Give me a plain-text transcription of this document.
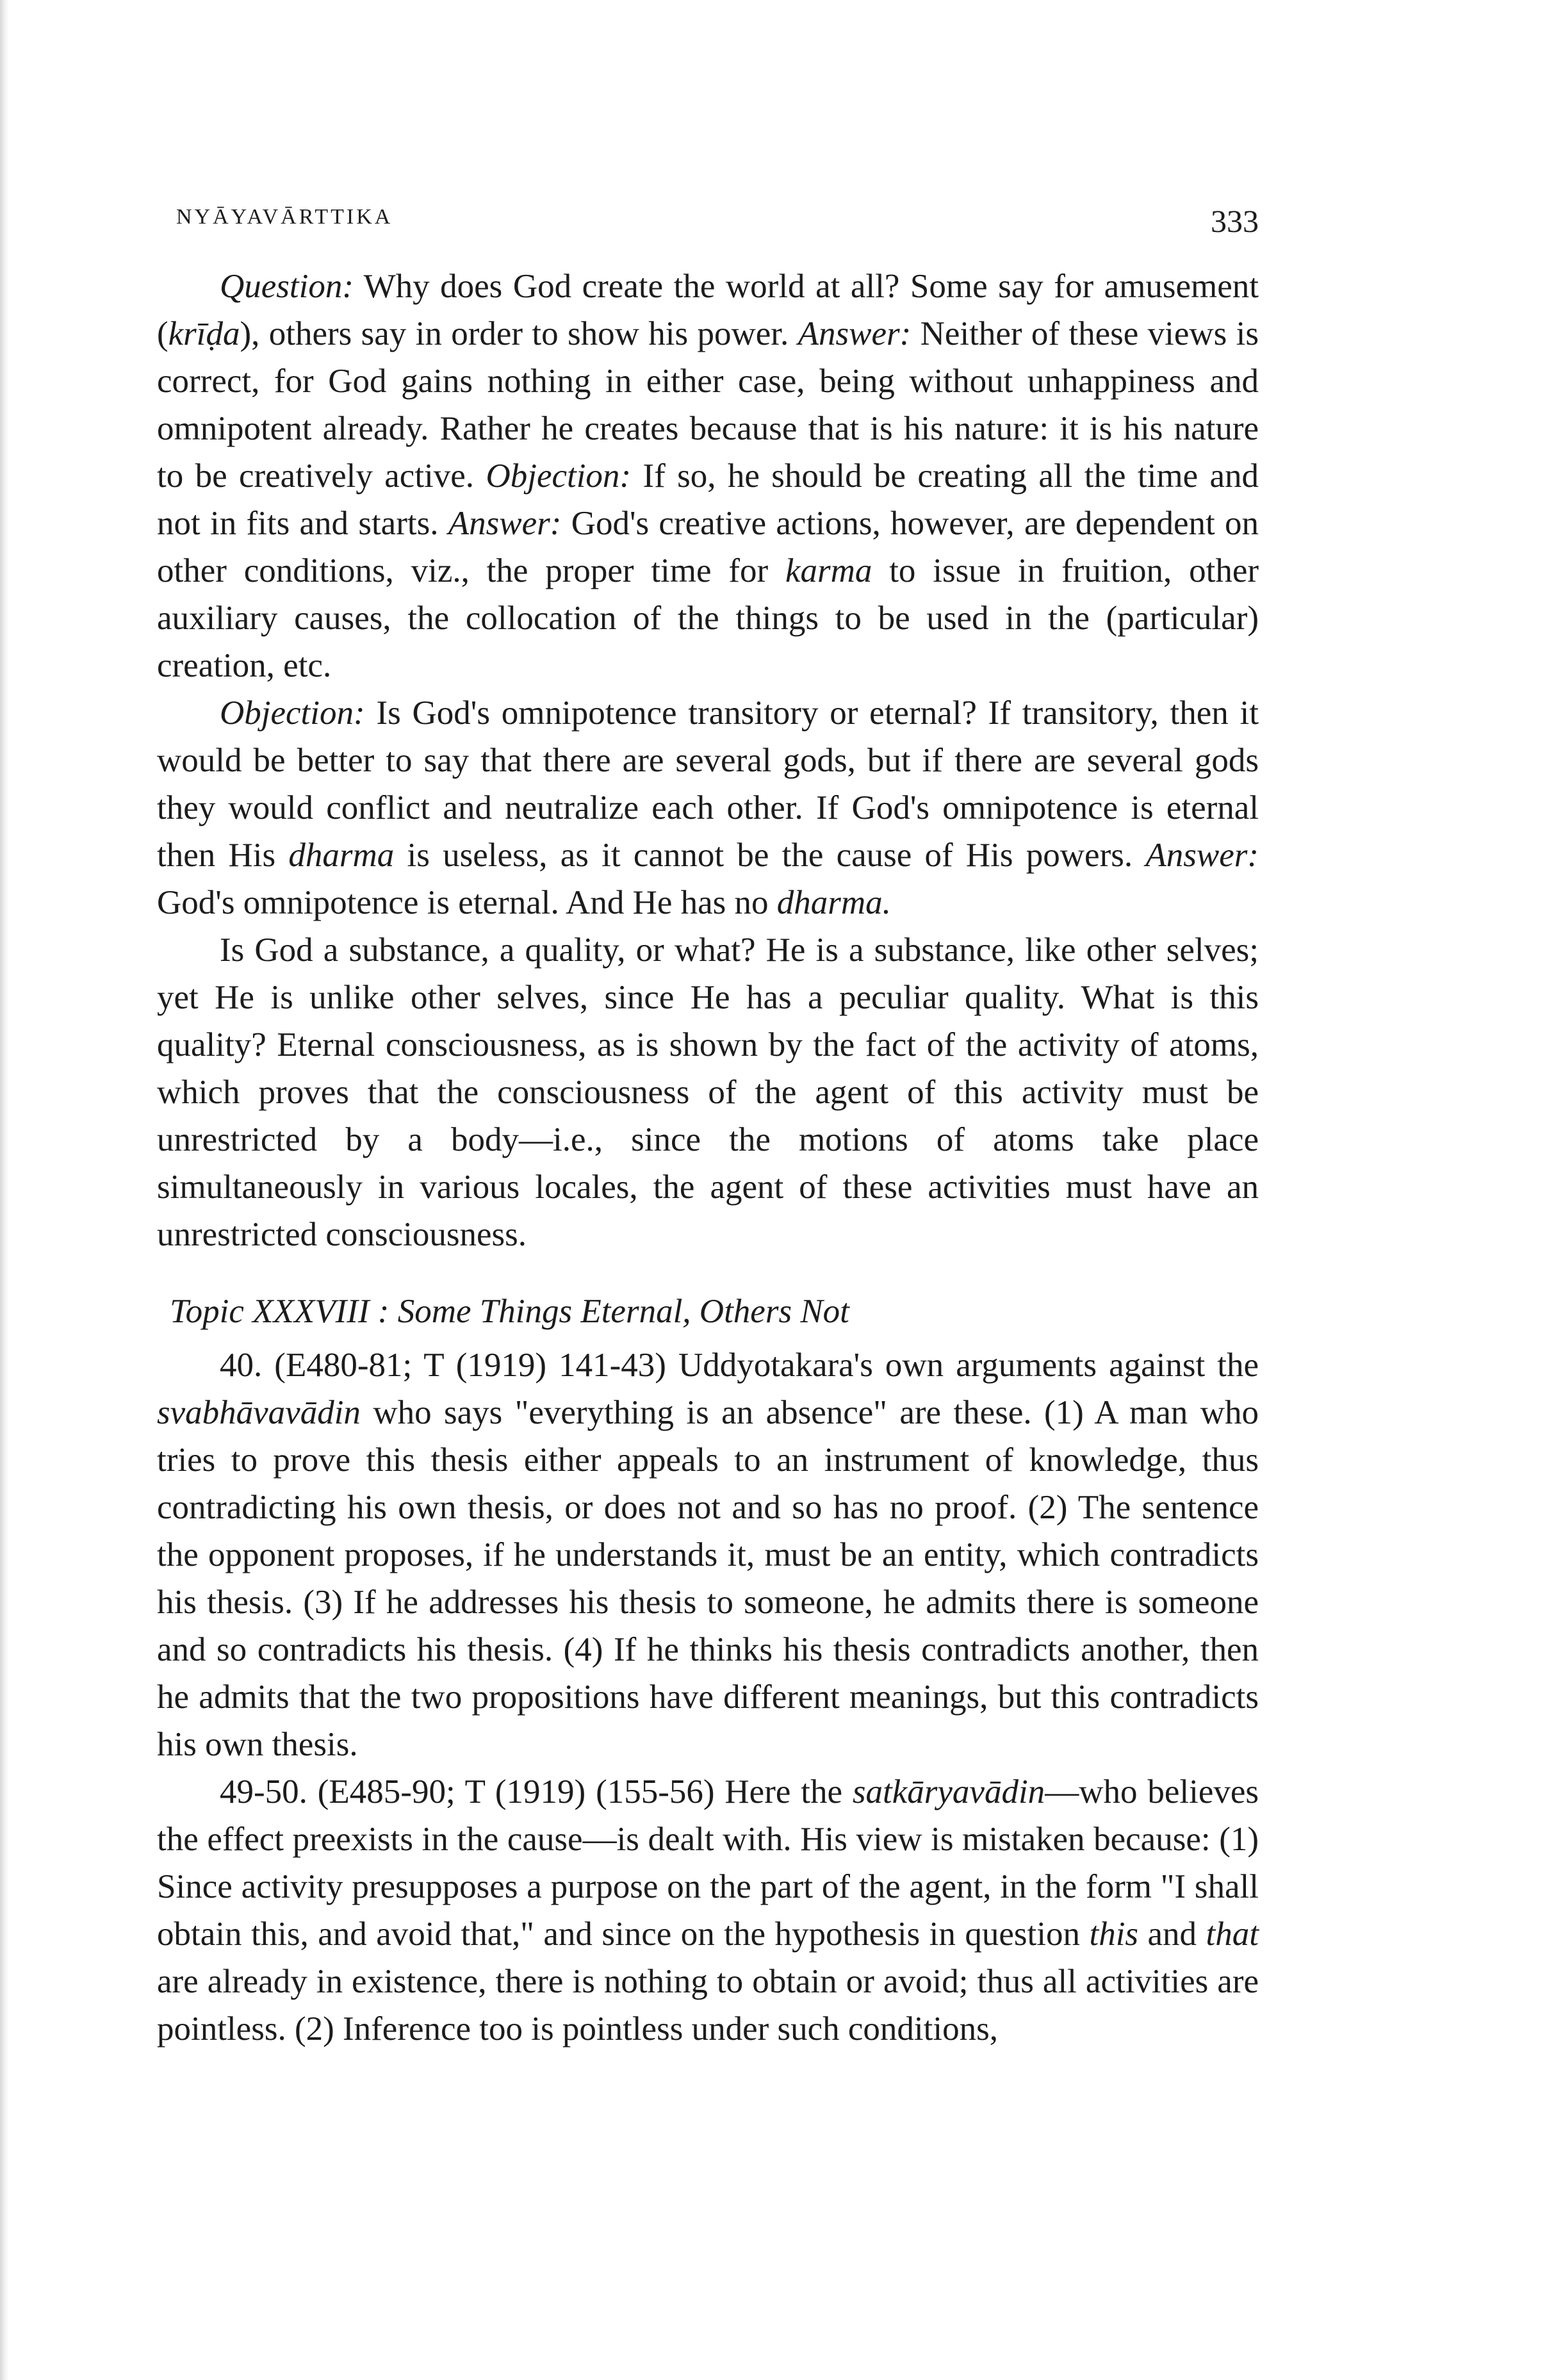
NYĀYAVĀRTTIKA	333

Question: Why does God create the world at all? Some say for amusement (krīḍa), others say in order to show his power. Answer: Neither of these views is correct, for God gains nothing in either case, being without unhappiness and omnipotent already. Rather he creates because that is his nature: it is his nature to be creatively active. Objection: If so, he should be creating all the time and not in fits and starts. Answer: God's creative actions, however, are dependent on other conditions, viz., the proper time for karma to issue in fruition, other auxiliary causes, the collocation of the things to be used in the (particular) creation, etc.

Objection: Is God's omnipotence transitory or eternal? If transitory, then it would be better to say that there are several gods, but if there are several gods they would conflict and neutralize each other. If God's omnipotence is eternal then His dharma is useless, as it cannot be the cause of His powers. Answer: God's omnipotence is eternal. And He has no dharma.

Is God a substance, a quality, or what? He is a substance, like other selves; yet He is unlike other selves, since He has a peculiar quality. What is this quality? Eternal consciousness, as is shown by the fact of the activity of atoms, which proves that the consciousness of the agent of this activity must be unrestricted by a body—i.e., since the motions of atoms take place simultaneously in various locales, the agent of these activities must have an unrestricted consciousness.

Topic XXXVIII : Some Things Eternal, Others Not

40. (E480-81; T (1919) 141-43) Uddyotakara's own arguments against the svabhāvavādin who says "everything is an absence" are these. (1) A man who tries to prove this thesis either appeals to an instrument of knowledge, thus contradicting his own thesis, or does not and so has no proof. (2) The sentence the opponent proposes, if he understands it, must be an entity, which contradicts his thesis. (3) If he addresses his thesis to someone, he admits there is someone and so contradicts his thesis. (4) If he thinks his thesis contradicts another, then he admits that the two propositions have different meanings, but this contradicts his own thesis.

49-50. (E485-90; T (1919) (155-56) Here the satkāryavādin—who believes the effect preexists in the cause—is dealt with. His view is mistaken because: (1) Since activity presupposes a purpose on the part of the agent, in the form "I shall obtain this, and avoid that," and since on the hypothesis in question this and that are already in existence, there is nothing to obtain or avoid; thus all activities are pointless. (2) Inference too is pointless under such conditions,
